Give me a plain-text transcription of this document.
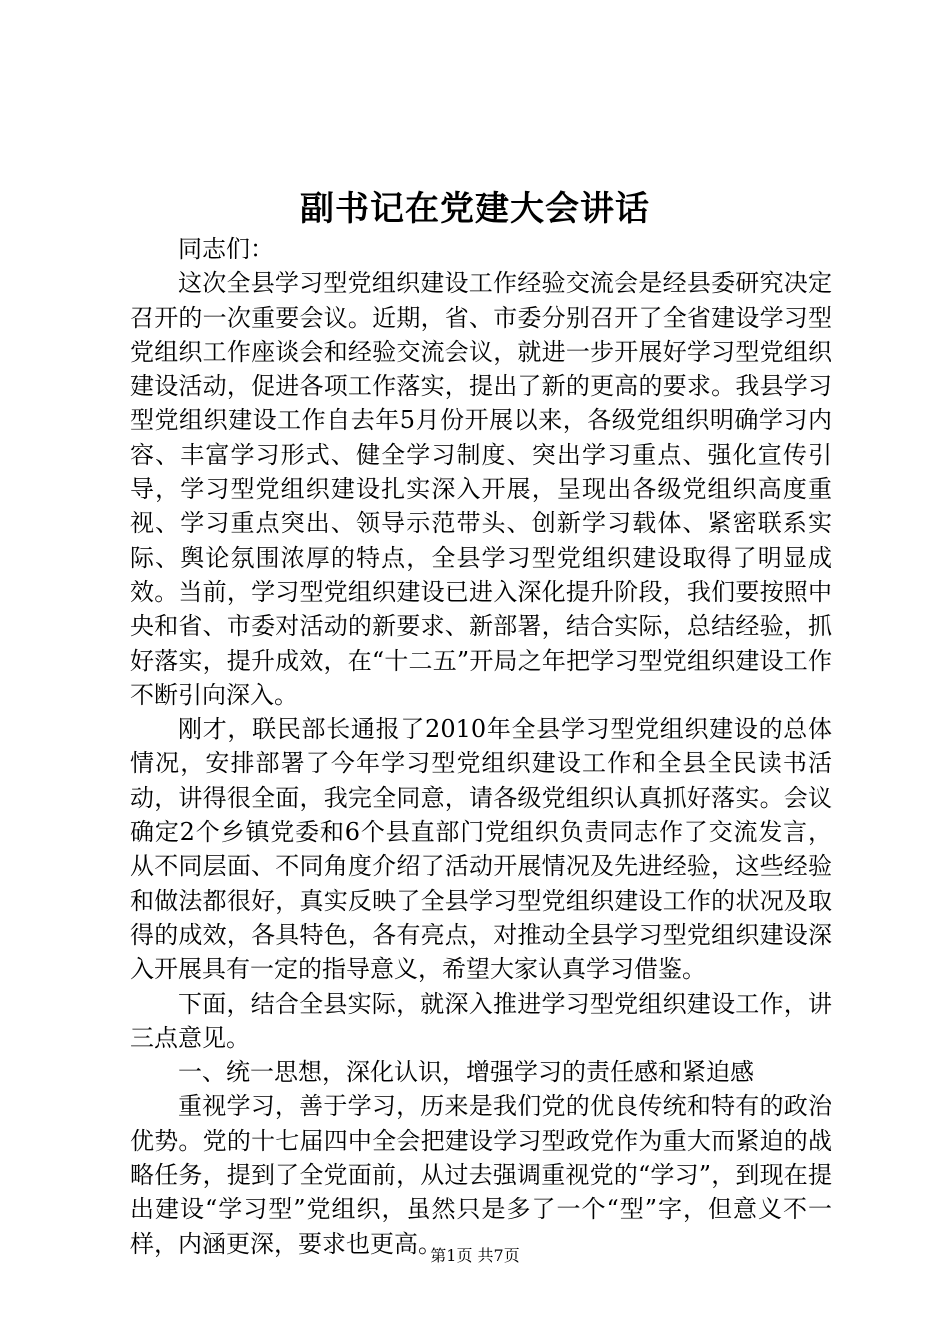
副书记在党建大会讲话

同志们：

这次全县学习型党组织建设工作经验交流会是经县委研究决定召开的一次重要会议。近期，省、市委分别召开了全省建设学习型党组织工作座谈会和经验交流会议，就进一步开展好学习型党组织建设活动，促进各项工作落实，提出了新的更高的要求。我县学习型党组织建设工作自去年5月份开展以来，各级党组织明确学习内容、丰富学习形式、健全学习制度、突出学习重点、强化宣传引导，学习型党组织建设扎实深入开展，呈现出各级党组织高度重视、学习重点突出、领导示范带头、创新学习载体、紧密联系实际、舆论氛围浓厚的特点，全县学习型党组织建设取得了明显成效。当前，学习型党组织建设已进入深化提升阶段，我们要按照中央和省、市委对活动的新要求、新部署，结合实际，总结经验，抓好落实，提升成效，在“十二五”开局之年把学习型党组织建设工作不断引向深入。

刚才，联民部长通报了2010年全县学习型党组织建设的总体情况，安排部署了今年学习型党组织建设工作和全县全民读书活动，讲得很全面，我完全同意，请各级党组织认真抓好落实。会议确定2个乡镇党委和6个县直部门党组织负责同志作了交流发言，从不同层面、不同角度介绍了活动开展情况及先进经验，这些经验和做法都很好，真实反映了全县学习型党组织建设工作的状况及取得的成效，各具特色，各有亮点，对推动全县学习型党组织建设深入开展具有一定的指导意义，希望大家认真学习借鉴。

下面，结合全县实际，就深入推进学习型党组织建设工作，讲三点意见。

一、统一思想，深化认识，增强学习的责任感和紧迫感

重视学习，善于学习，历来是我们党的优良传统和特有的政治优势。党的十七届四中全会把建设学习型政党作为重大而紧迫的战略任务，提到了全党面前，从过去强调重视党的“学习”，到现在提出建设“学习型”党组织，虽然只是多了一个“型”字，但意义不一样，内涵更深，要求也更高。

第1页 共7页
